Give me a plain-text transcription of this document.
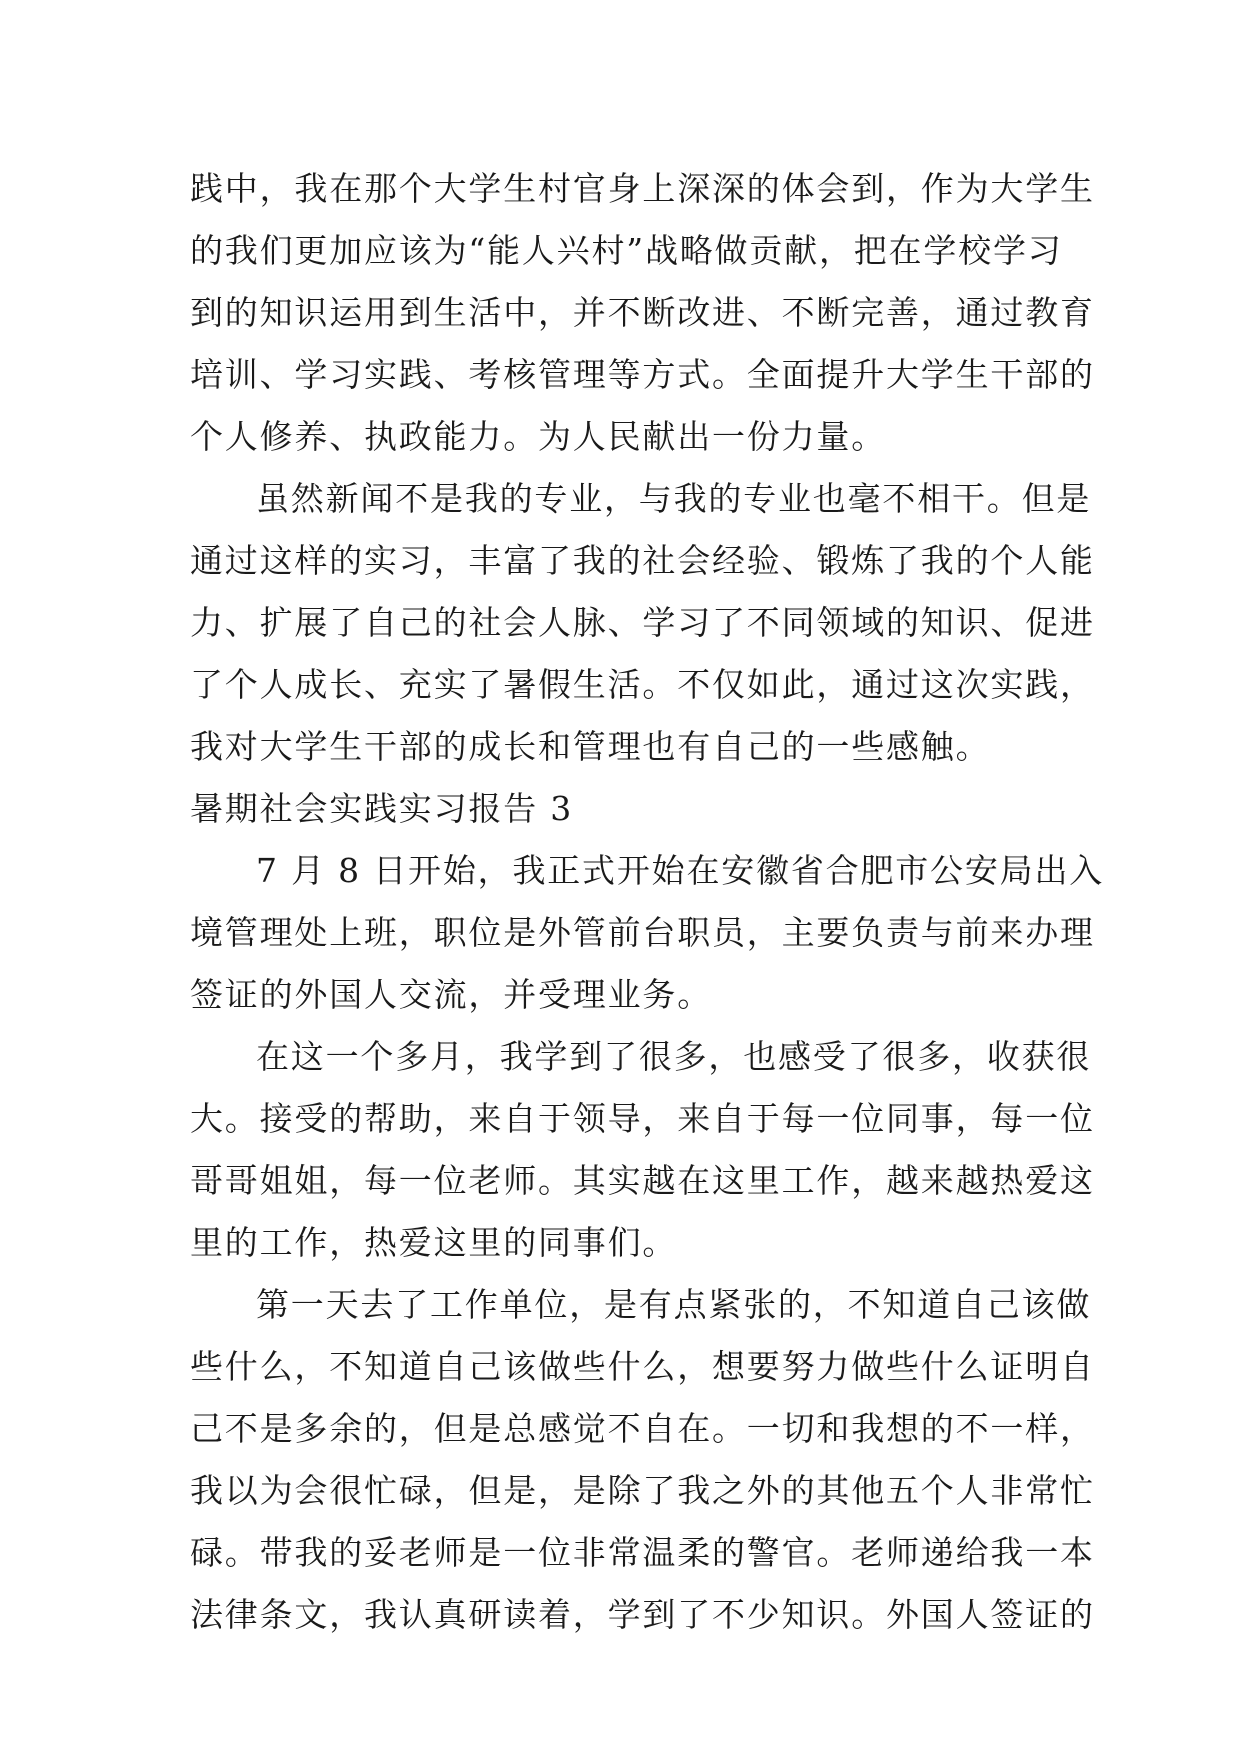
践中，我在那个大学生村官身上深深的体会到，作为大学生
的我们更加应该为“能人兴村”战略做贡献，把在学校学习
到的知识运用到生活中，并不断改进、不断完善，通过教育
培训、学习实践、考核管理等方式。全面提升大学生干部的
个人修养、执政能力。为人民献出一份力量。
虽然新闻不是我的专业，与我的专业也毫不相干。但是
通过这样的实习，丰富了我的社会经验、锻炼了我的个人能
力、扩展了自己的社会人脉、学习了不同领域的知识、促进
了个人成长、充实了暑假生活。不仅如此，通过这次实践，
我对大学生干部的成长和管理也有自己的一些感触。
暑期社会实践实习报告 3
7 月 8 日开始，我正式开始在安徽省合肥市公安局出入
境管理处上班，职位是外管前台职员，主要负责与前来办理
签证的外国人交流，并受理业务。
在这一个多月，我学到了很多，也感受了很多，收获很
大。接受的帮助，来自于领导，来自于每一位同事，每一位
哥哥姐姐，每一位老师。其实越在这里工作，越来越热爱这
里的工作，热爱这里的同事们。
第一天去了工作单位，是有点紧张的，不知道自己该做
些什么，不知道自己该做些什么，想要努力做些什么证明自
己不是多余的，但是总感觉不自在。一切和我想的不一样，
我以为会很忙碌，但是，是除了我之外的其他五个人非常忙
碌。带我的妥老师是一位非常温柔的警官。老师递给我一本
法律条文，我认真研读着，学到了不少知识。外国人签证的
